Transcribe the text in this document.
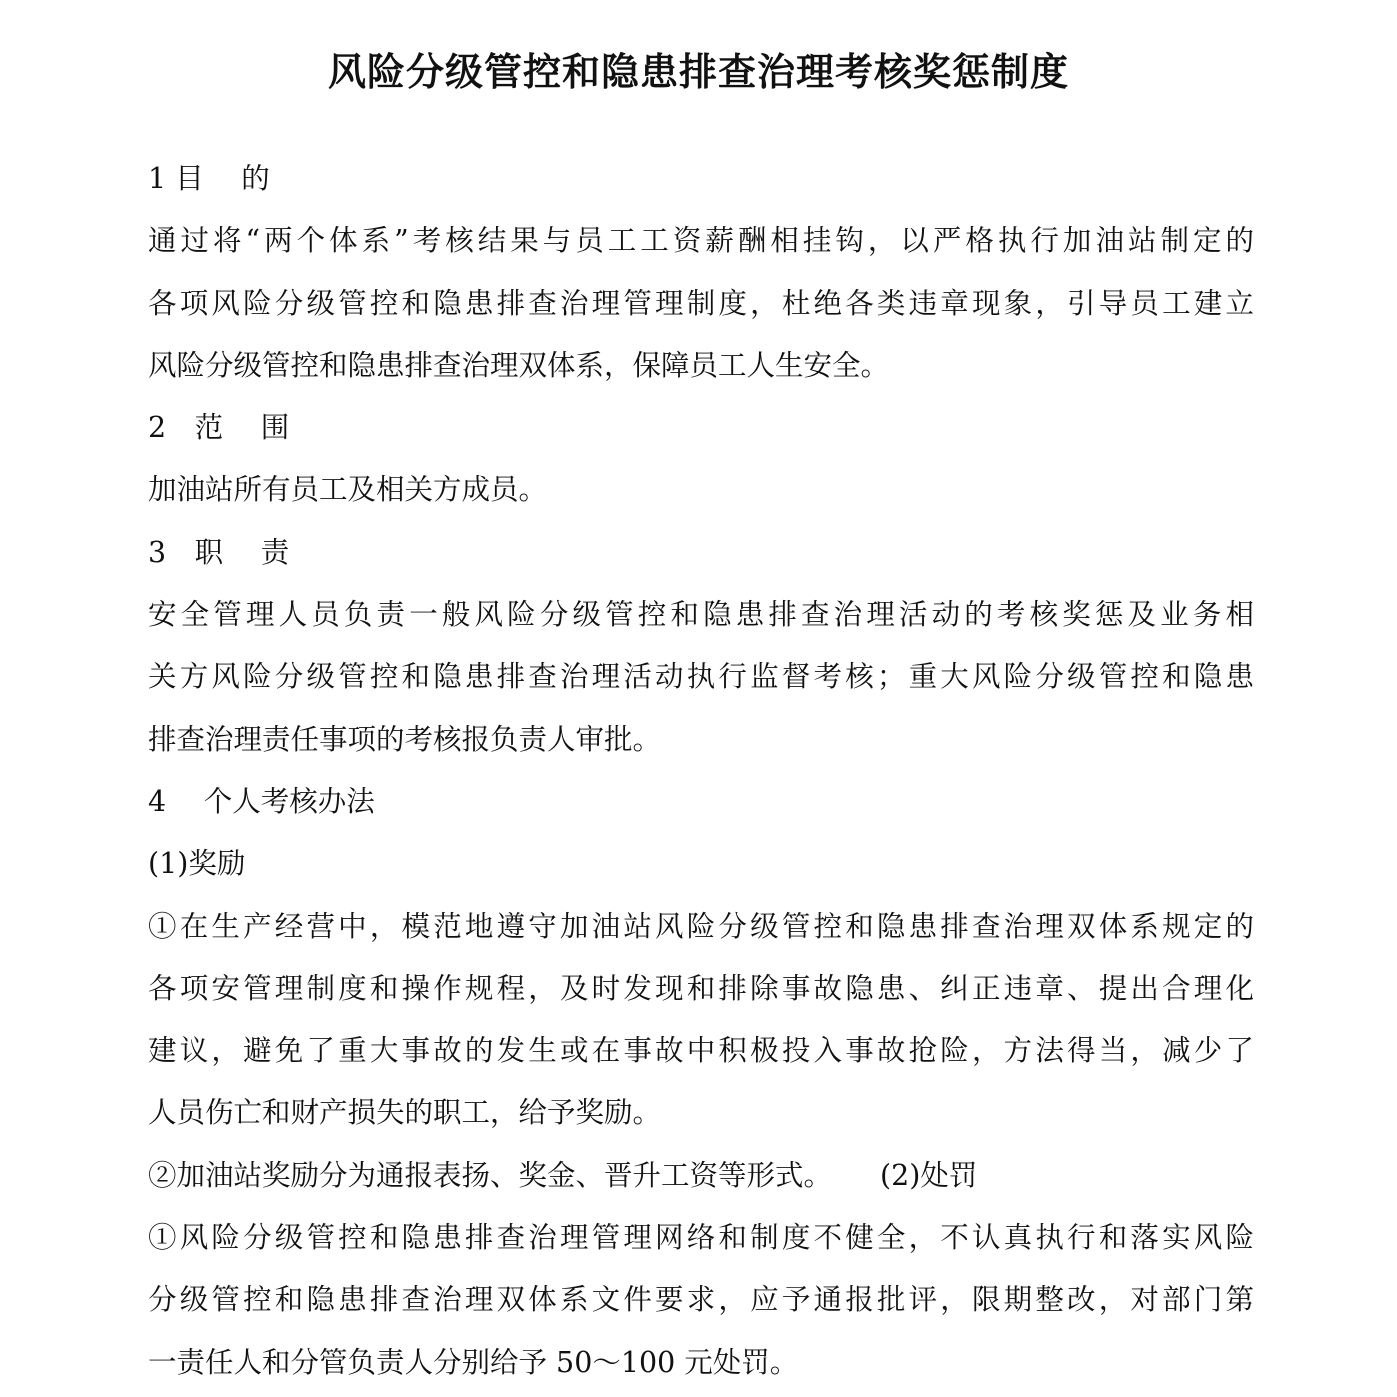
风险分级管控和隐患排查治理考核奖惩制度
1 目　 的
通过将“两个体系”考核结果与员工工资薪酬相挂钩，以严格执行加油站制定的
各项风险分级管控和隐患排查治理管理制度，杜绝各类违章现象，引导员工建立
风险分级管控和隐患排查治理双体系，保障员工人生安全。
2　范　 围
加油站所有员工及相关方成员。
3　职　 责
安全管理人员负责一般风险分级管控和隐患排查治理活动的考核奖惩及业务相
关方风险分级管控和隐患排查治理活动执行监督考核；重大风险分级管控和隐患
排查治理责任事项的考核报负责人审批。
4　 个人考核办法
(1)奖励
①在生产经营中，模范地遵守加油站风险分级管控和隐患排查治理双体系规定的
各项安管理制度和操作规程，及时发现和排除事故隐患、纠正违章、提出合理化
建议，避免了重大事故的发生或在事故中积极投入事故抢险，方法得当，减少了
人员伤亡和财产损失的职工，给予奖励。
②加油站奖励分为通报表扬、奖金、晋升工资等形式。 (2)处罚
①风险分级管控和隐患排查治理管理网络和制度不健全，不认真执行和落实风险
分级管控和隐患排查治理双体系文件要求，应予通报批评，限期整改，对部门第
一责任人和分管负责人分别给予 50～100 元处罚。
